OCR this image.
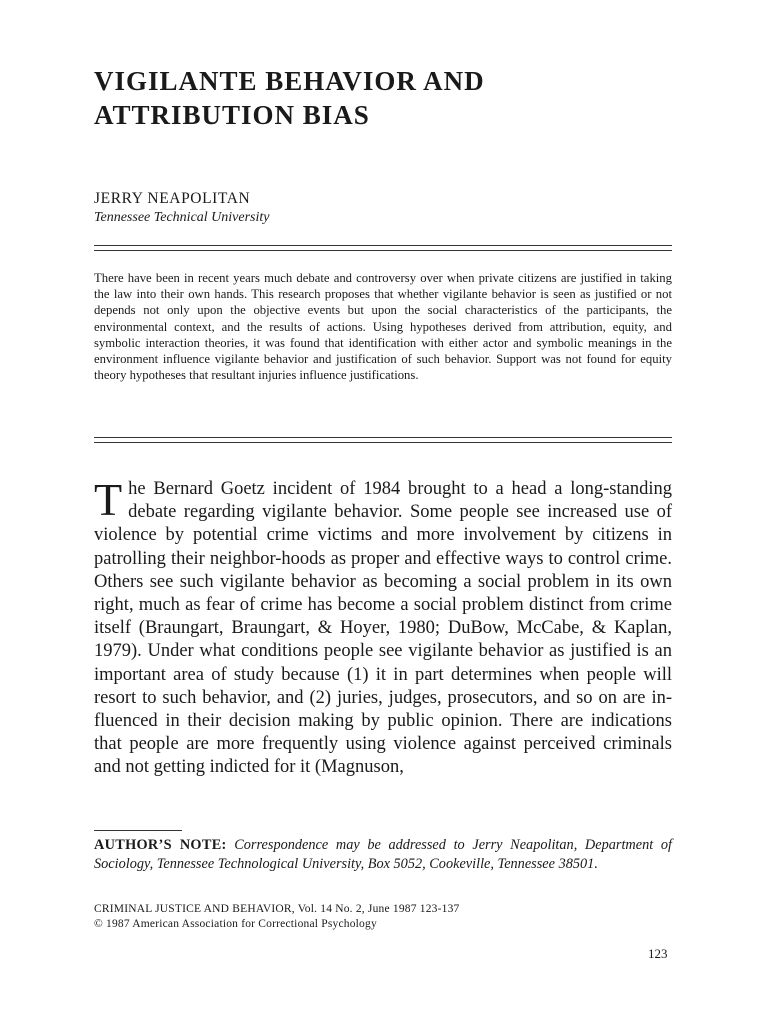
VIGILANTE BEHAVIOR AND
ATTRIBUTION BIAS
JERRY NEAPOLITAN
Tennessee Technical University

There have been in recent years much debate and controversy over when private citizens are justified in taking the law into their own hands. This research proposes that whether vigilante behavior is seen as justified or not depends not only upon the objective events but upon the social characteristics of the participants, the environmental context, and the results of actions. Using hypotheses derived from attribution, equity, and symbolic interaction theories, it was found that identification with either actor and symbolic meanings in the environment influence vigilante behavior and justification of such behavior. Support was not found for equity theory hypotheses that resultant injuries influence justifications.

The Bernard Goetz incident of 1984 brought to a head a long-standing debate regarding vigilante behavior. Some people see increased use of violence by potential crime victims and more involvement by citizens in patrolling their neighbor-hoods as proper and effective ways to control crime. Others see such vigilante behavior as becoming a social problem in its own right, much as fear of crime has become a social problem distinct from crime itself (Braungart, Braungart, & Hoyer, 1980; DuBow, McCabe, & Kaplan, 1979). Under what conditions people see vigilante behavior as justified is an important area of study because (1) it in part determines when people will resort to such behavior, and (2) juries, judges, prosecutors, and so on are in-fluenced in their decision making by public opinion. There are indications that people are more frequently using violence against perceived criminals and not getting indicted for it (Magnuson,

AUTHOR’S NOTE: Correspondence may be addressed to Jerry Neapolitan, Department of Sociology, Tennessee Technological University, Box 5052, Cookeville, Tennessee 38501.

CRIMINAL JUSTICE AND BEHAVIOR, Vol. 14 No. 2, June 1987 123-137
© 1987 American Association for Correctional Psychology
123
